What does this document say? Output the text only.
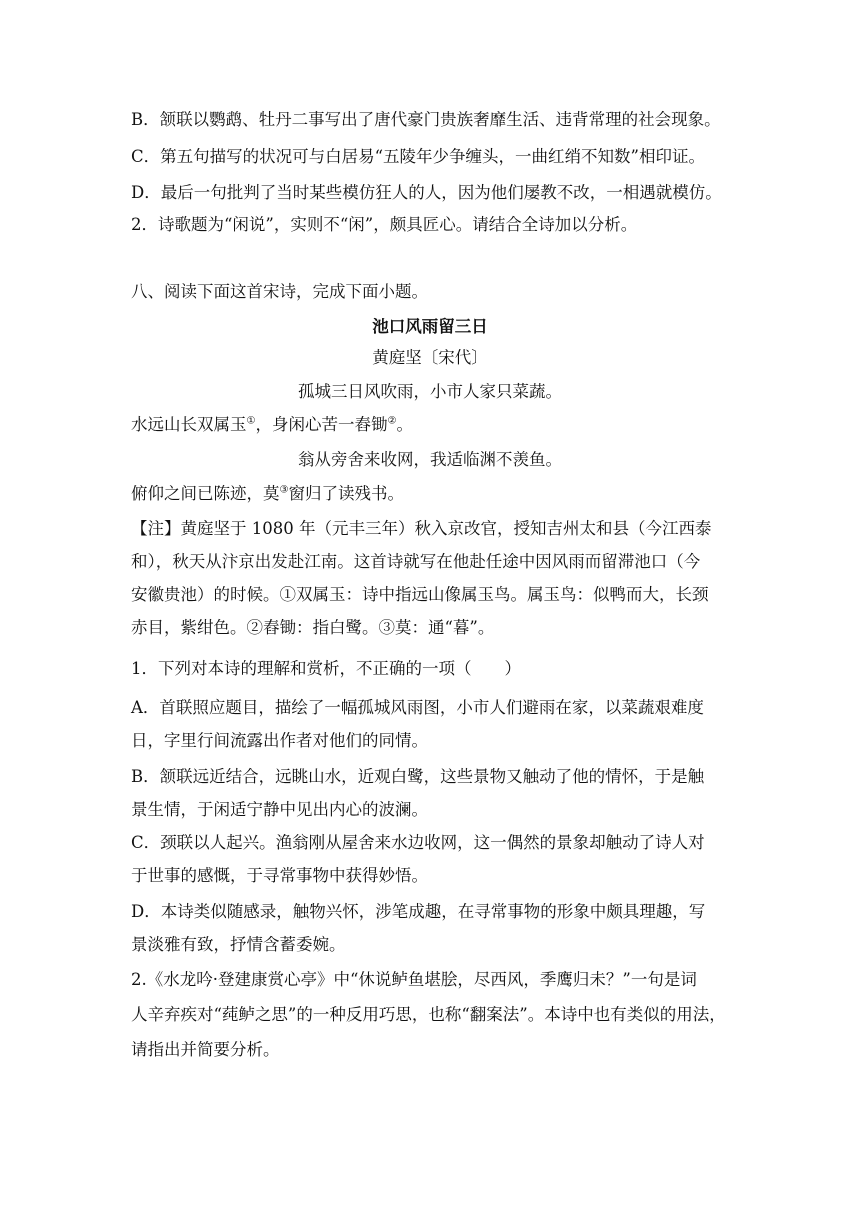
B．颔联以鹦鹉、牡丹二事写出了唐代豪门贵族奢靡生活、违背常理的社会现象。
C．第五句描写的状况可与白居易“五陵年少争缠头，一曲红绡不知数”相印证。
D．最后一句批判了当时某些模仿狂人的人，因为他们屡教不改，一相遇就模仿。
2．诗歌题为“闲说”，实则不“闲”，颇具匠心。请结合全诗加以分析。
八、阅读下面这首宋诗，完成下面小题。
池口风雨留三日
黄庭坚〔宋代〕
孤城三日风吹雨，小市人家只菜蔬。
水远山长双属玉①，身闲心苦一舂锄②。
翁从旁舍来收网，我适临渊不羡鱼。
俯仰之间已陈迹，莫③窗归了读残书。
【注】黄庭坚于 1080 年（元丰三年）秋入京改官，授知吉州太和县（今江西泰
和），秋天从汴京出发赴江南。这首诗就写在他赴任途中因风雨而留滞池口（今
安徽贵池）的时候。①双属玉：诗中指远山像属玉鸟。属玉鸟：似鸭而大，长颈
赤目，紫绀色。②舂锄：指白鹭。③莫：通“暮”。
1．下列对本诗的理解和赏析，不正确的一项（　　）
A．首联照应题目，描绘了一幅孤城风雨图，小市人们避雨在家，以菜蔬艰难度
日，字里行间流露出作者对他们的同情。
B．颔联远近结合，远眺山水，近观白鹭，这些景物又触动了他的情怀，于是触
景生情，于闲适宁静中见出内心的波澜。
C．颈联以人起兴。渔翁刚从屋舍来水边收网，这一偶然的景象却触动了诗人对
于世事的感慨，于寻常事物中获得妙悟。
D．本诗类似随感录，触物兴怀，涉笔成趣，在寻常事物的形象中颇具理趣，写
景淡雅有致，抒情含蓄委婉。
2.《水龙吟·登建康赏心亭》中“休说鲈鱼堪脍，尽西风，季鹰归未？”一句是词
人辛弃疾对“莼鲈之思”的一种反用巧思，也称“翻案法”。本诗中也有类似的用法，
请指出并简要分析。
